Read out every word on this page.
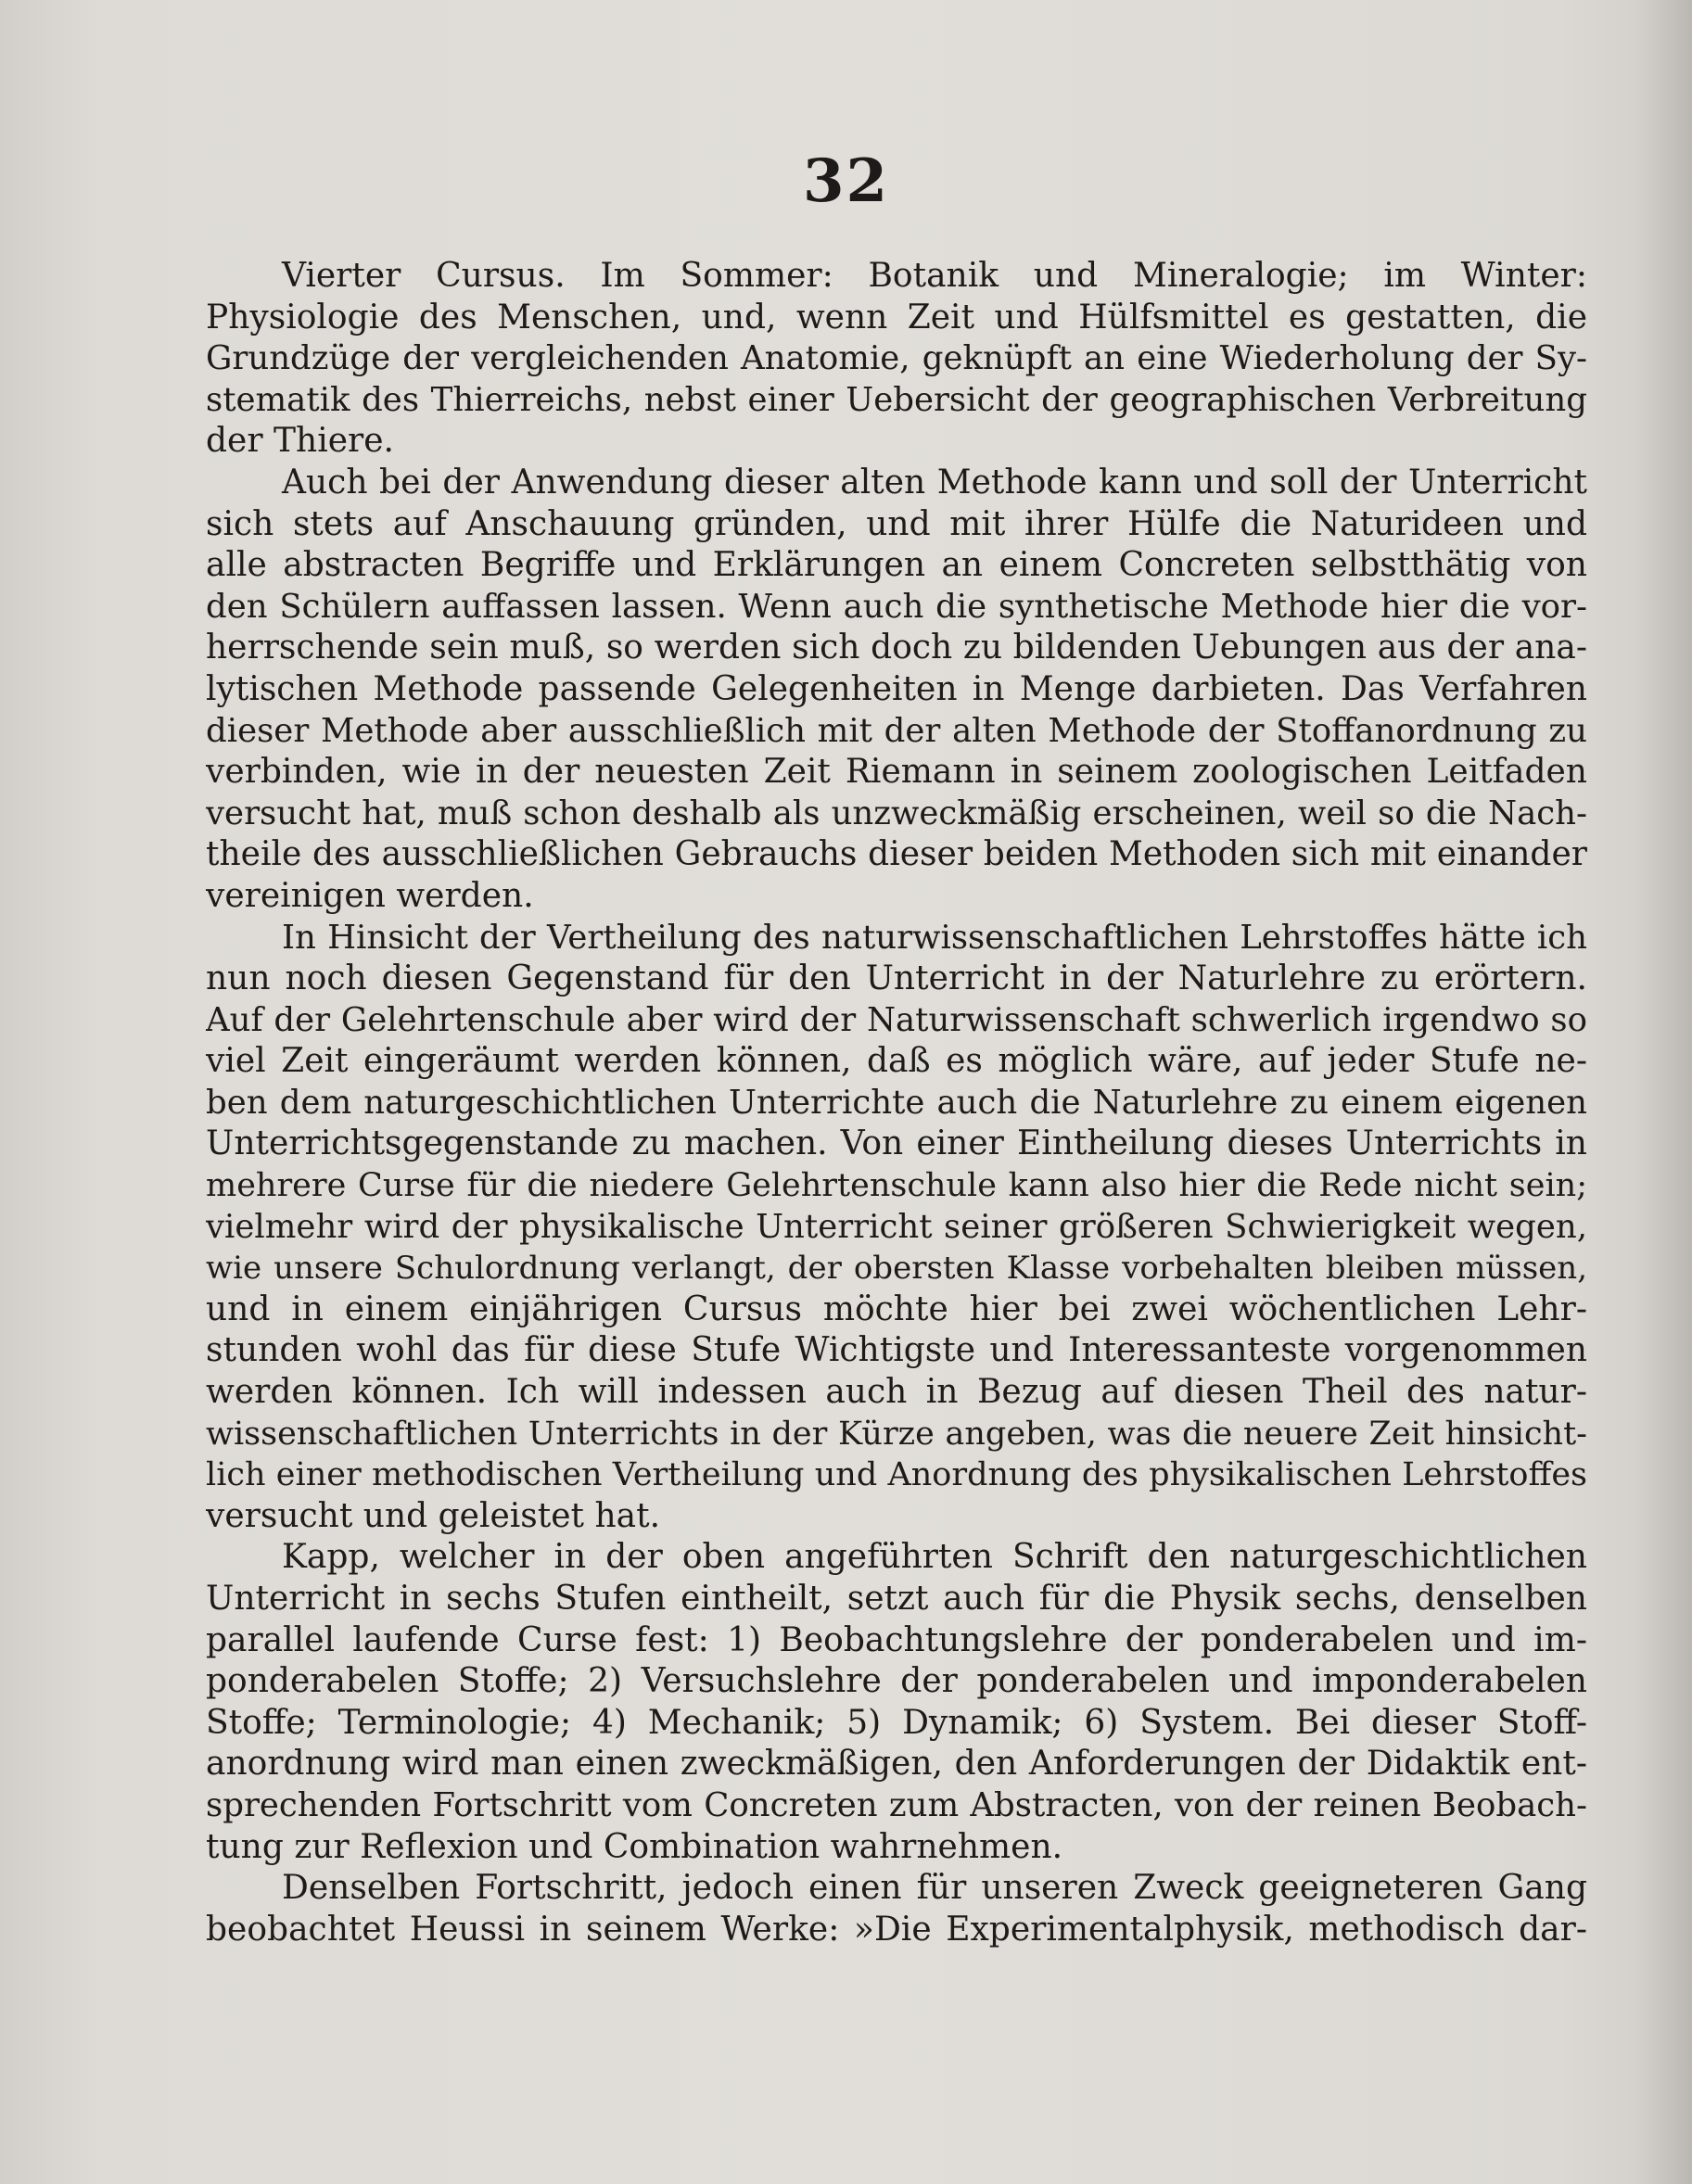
32
Vierter Cursus. Im Sommer: Botanik und Mineralogie; im Winter:
Physiologie des Menschen, und, wenn Zeit und Hülfsmittel es gestatten, die
Grundzüge der vergleichenden Anatomie, geknüpft an eine Wiederholung der Sy-
stematik des Thierreichs, nebst einer Uebersicht der geographischen Verbreitung
der Thiere.
Auch bei der Anwendung dieser alten Methode kann und soll der Unterricht
sich stets auf Anschauung gründen, und mit ihrer Hülfe die Naturideen und
alle abstracten Begriffe und Erklärungen an einem Concreten selbstthätig von
den Schülern auffassen lassen. Wenn auch die synthetische Methode hier die vor-
herrschende sein muß, so werden sich doch zu bildenden Uebungen aus der ana-
lytischen Methode passende Gelegenheiten in Menge darbieten. Das Verfahren
dieser Methode aber ausschließlich mit der alten Methode der Stoffanordnung zu
verbinden, wie in der neuesten Zeit Riemann in seinem zoologischen Leitfaden
versucht hat, muß schon deshalb als unzweckmäßig erscheinen, weil so die Nach-
theile des ausschließlichen Gebrauchs dieser beiden Methoden sich mit einander
vereinigen werden.
In Hinsicht der Vertheilung des naturwissenschaftlichen Lehrstoffes hätte ich
nun noch diesen Gegenstand für den Unterricht in der Naturlehre zu erörtern.
Auf der Gelehrtenschule aber wird der Naturwissenschaft schwerlich irgendwo so
viel Zeit eingeräumt werden können, daß es möglich wäre, auf jeder Stufe ne-
ben dem naturgeschichtlichen Unterrichte auch die Naturlehre zu einem eigenen
Unterrichtsgegenstande zu machen. Von einer Eintheilung dieses Unterrichts in
mehrere Curse für die niedere Gelehrtenschule kann also hier die Rede nicht sein;
vielmehr wird der physikalische Unterricht seiner größeren Schwierigkeit wegen,
wie unsere Schulordnung verlangt, der obersten Klasse vorbehalten bleiben müssen,
und in einem einjährigen Cursus möchte hier bei zwei wöchentlichen Lehr-
stunden wohl das für diese Stufe Wichtigste und Interessanteste vorgenommen
werden können. Ich will indessen auch in Bezug auf diesen Theil des natur-
wissenschaftlichen Unterrichts in der Kürze angeben, was die neuere Zeit hinsicht-
lich einer methodischen Vertheilung und Anordnung des physikalischen Lehrstoffes
versucht und geleistet hat.
Kapp, welcher in der oben angeführten Schrift den naturgeschichtlichen
Unterricht in sechs Stufen eintheilt, setzt auch für die Physik sechs, denselben
parallel laufende Curse fest: 1) Beobachtungslehre der ponderabelen und im-
ponderabelen Stoffe; 2) Versuchslehre der ponderabelen und imponderabelen
Stoffe; Terminologie; 4) Mechanik; 5) Dynamik; 6) System. Bei dieser Stoff-
anordnung wird man einen zweckmäßigen, den Anforderungen der Didaktik ent-
sprechenden Fortschritt vom Concreten zum Abstracten, von der reinen Beobach-
tung zur Reflexion und Combination wahrnehmen.
Denselben Fortschritt, jedoch einen für unseren Zweck geeigneteren Gang
beobachtet Heussi in seinem Werke: »Die Experimentalphysik, methodisch dar-
